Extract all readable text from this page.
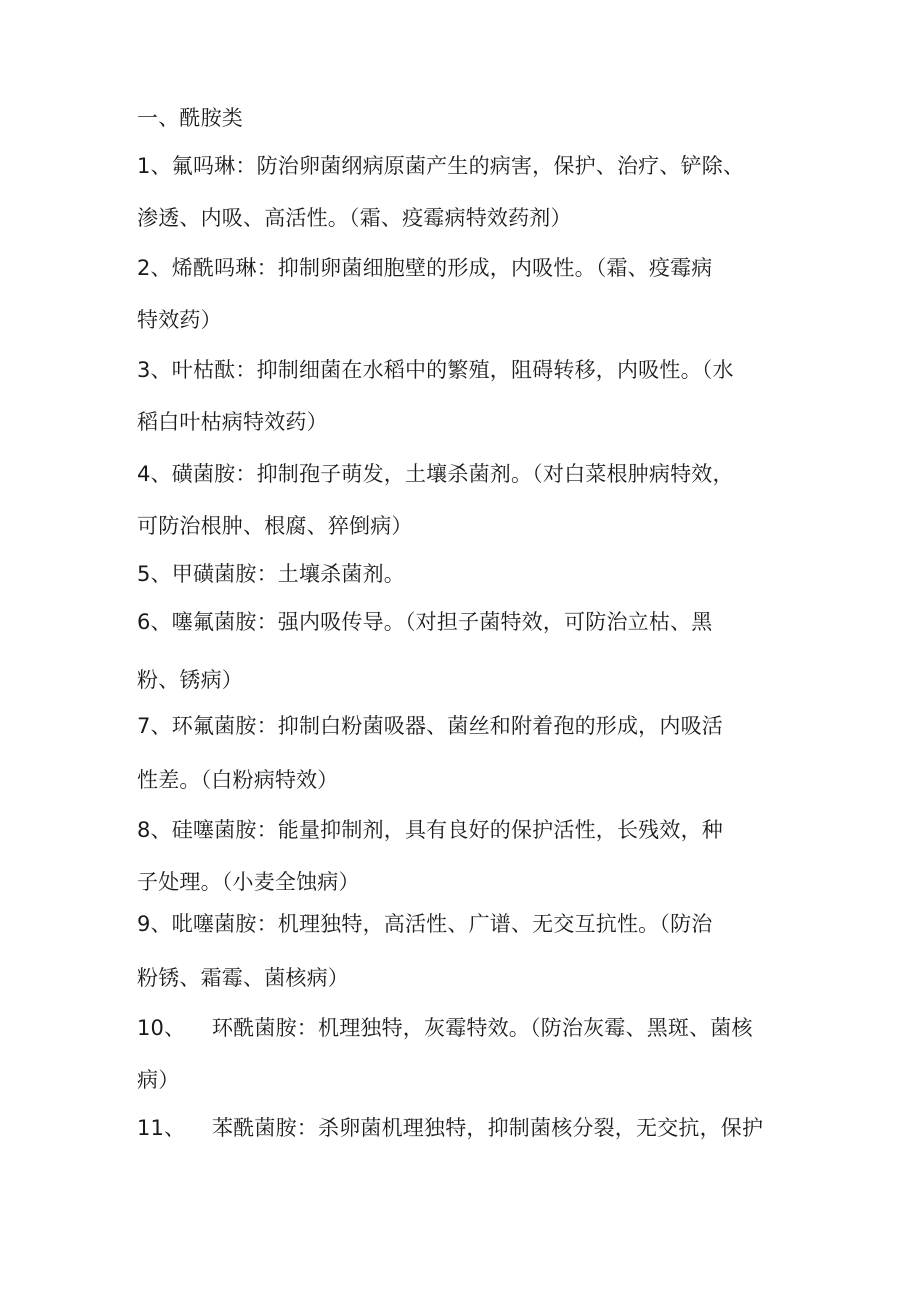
一、酰胺类
1、氟吗琳：防治卵菌纲病原菌产生的病害，保护、治疗、铲除、
渗透、内吸、高活性。（霜、疫霉病特效药剂）
2、烯酰吗琳：抑制卵菌细胞壁的形成，内吸性。（霜、疫霉病
特效药）
3、叶枯酞：抑制细菌在水稻中的繁殖，阻碍转移，内吸性。（水
稻白叶枯病特效药）
4、磺菌胺：抑制孢子萌发，土壤杀菌剂。（对白菜根肿病特效，
可防治根肿、根腐、猝倒病）
5、甲磺菌胺：土壤杀菌剂。
6、噻氟菌胺：强内吸传导。（对担子菌特效，可防治立枯、黑
粉、锈病）
7、环氟菌胺：抑制白粉菌吸器、菌丝和附着孢的形成，内吸活
性差。（白粉病特效）
8、硅噻菌胺：能量抑制剂，具有良好的保护活性，长残效，种
子处理。（小麦全蚀病）
9、吡噻菌胺：机理独特，高活性、广谱、无交互抗性。（防治
粉锈、霜霉、菌核病）
10、 环酰菌胺：机理独特，灰霉特效。（防治灰霉、黑斑、菌核
病）
11、 苯酰菌胺：杀卵菌机理独特，抑制菌核分裂，无交抗，保护
